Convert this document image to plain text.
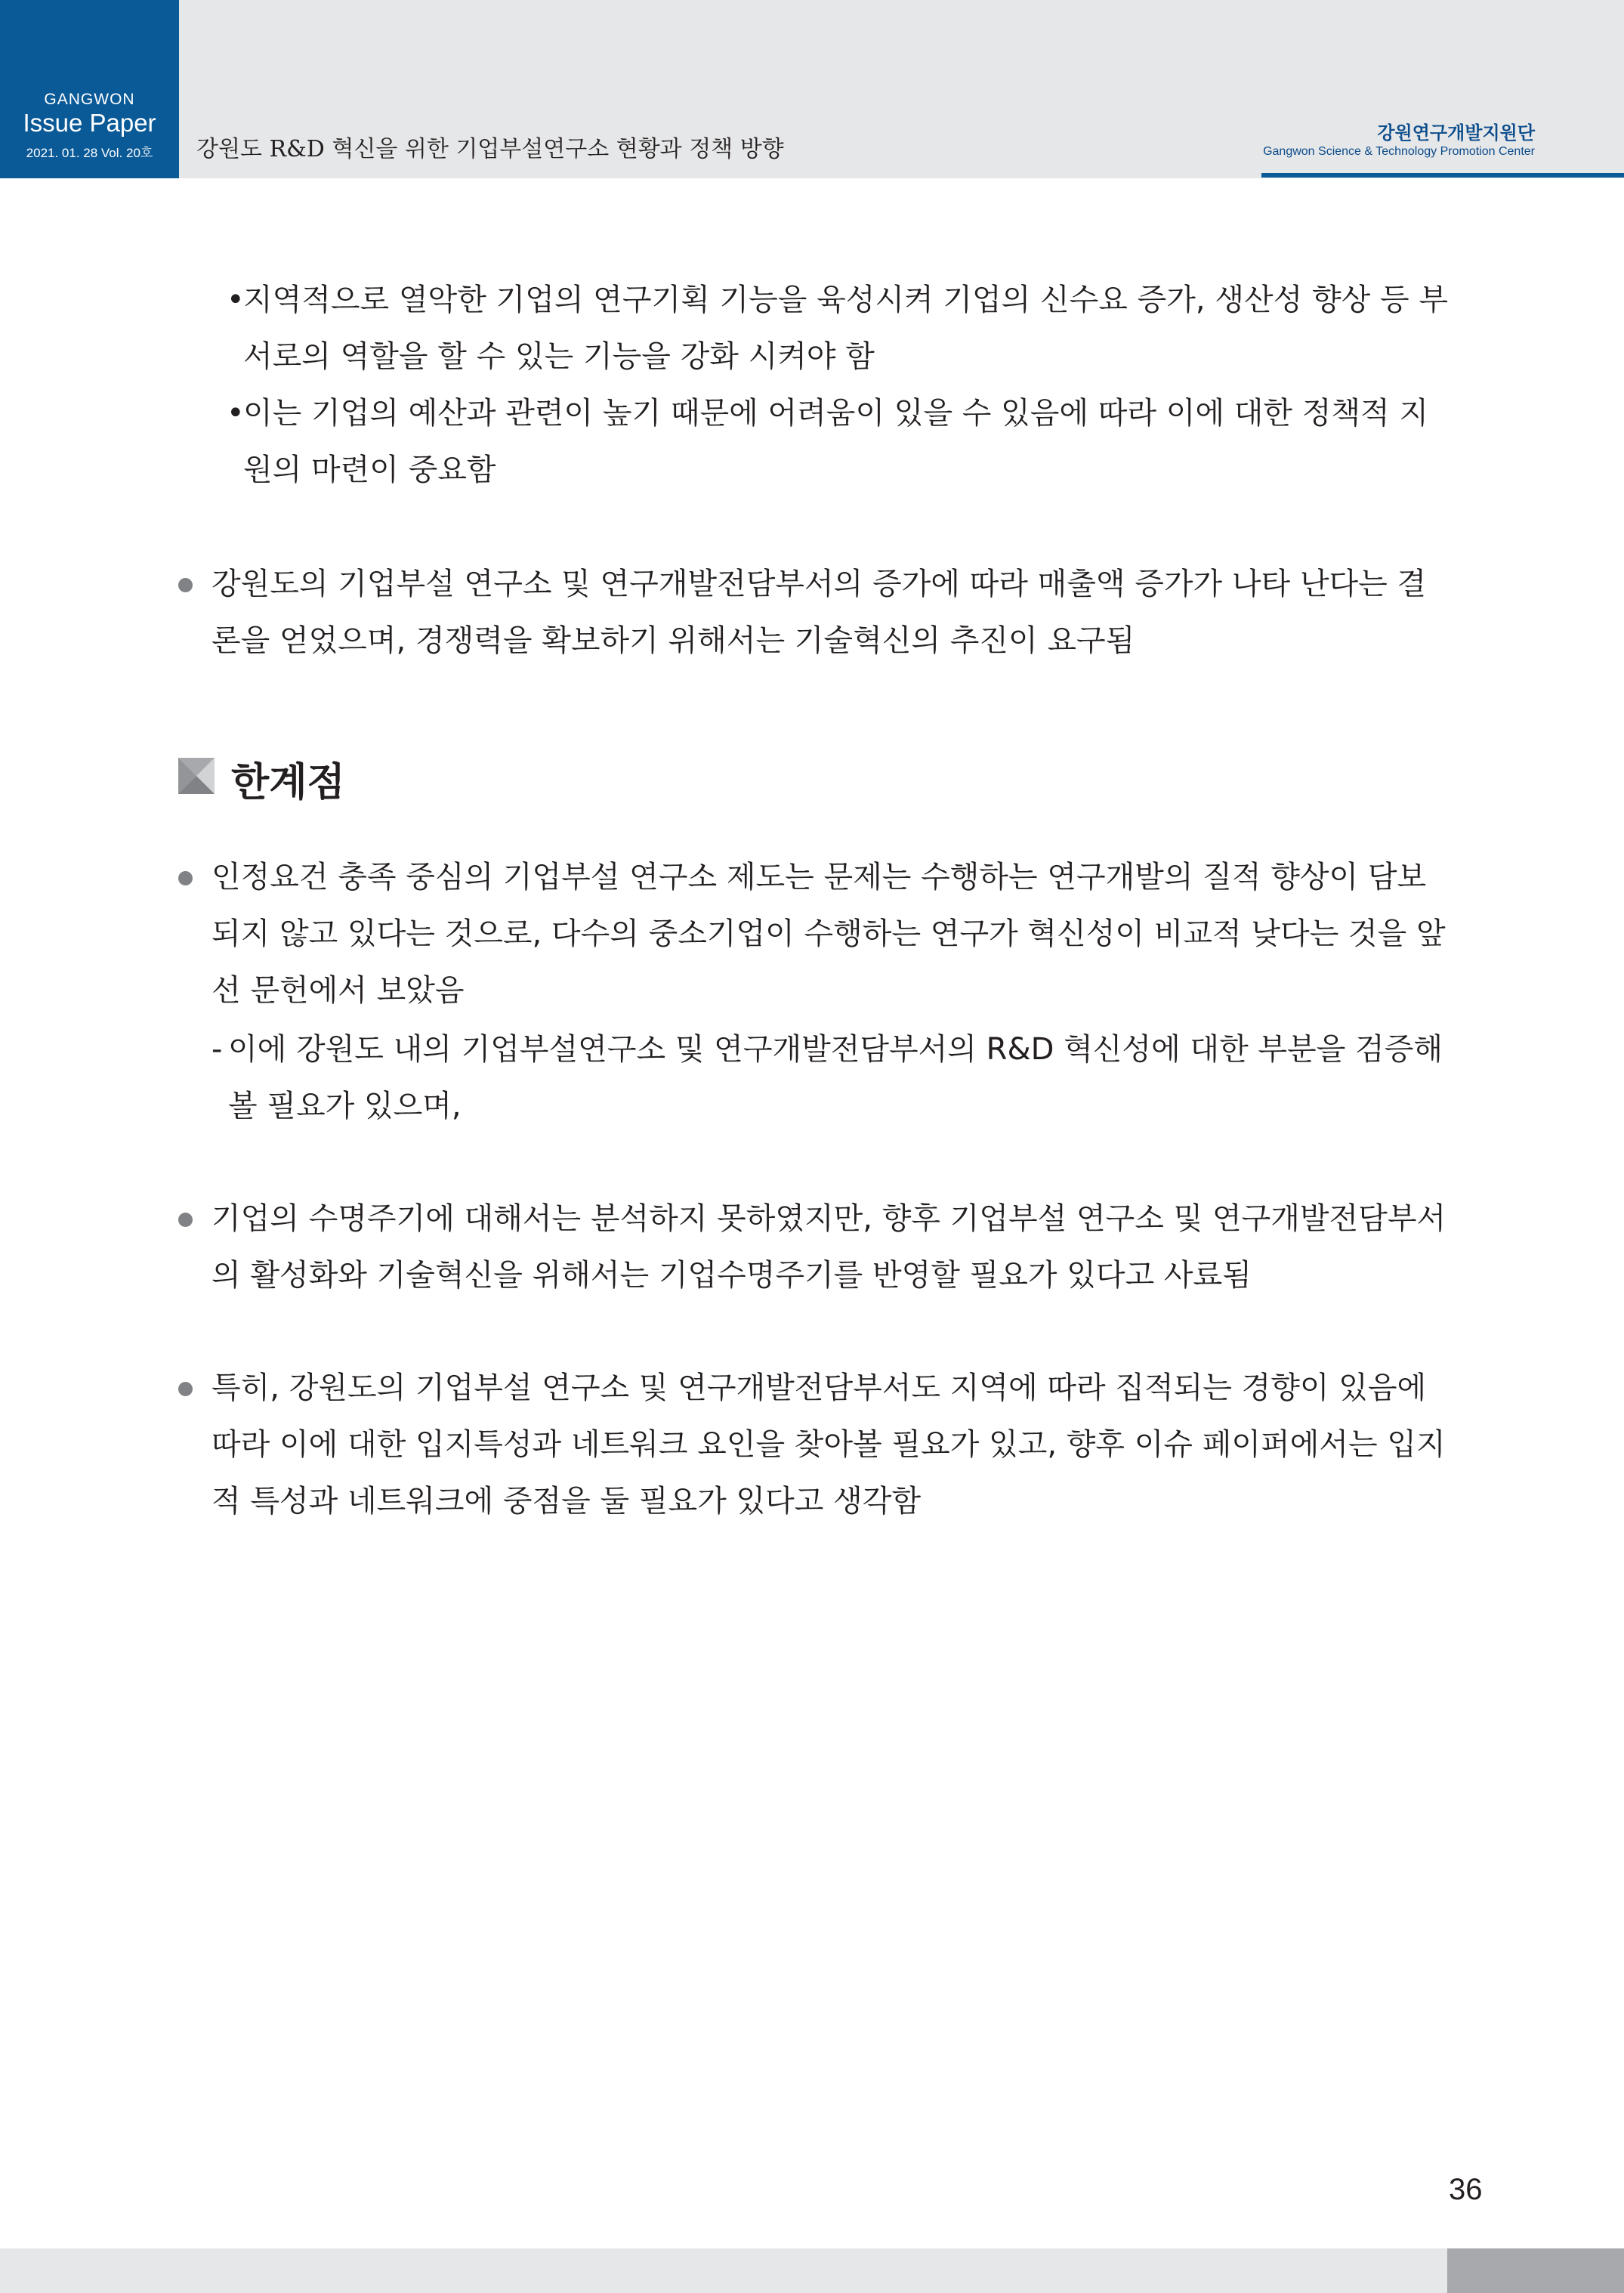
GANGWON
Issue Paper
2021. 01. 28 Vol. 20호	강원도 R&D 혁신을 위한 기업부설연구소 현황과 정책 방향
강원연구개발지원단
Gangwon Science & Technology Promotion Center
•
지역적으로 열악한 기업의 연구기획 기능을 육성시켜 기업의 신수요 증가, 생산성 향상 등 부서로의 역할을 할 수 있는 기능을 강화 시켜야 함
•
이는 기업의 예산과 관련이 높기 때문에 어려움이 있을 수 있음에 따라 이에 대한 정책적 지원의 마련이 중요함
강원도의 기업부설 연구소 및 연구개발전담부서의 증가에 따라 매출액 증가가 나타 난다는 결론을 얻었으며, 경쟁력을 확보하기 위해서는 기술혁신의 추진이 요구됨
한계점
인정요건 충족 중심의 기업부설 연구소 제도는 문제는 수행하는 연구개발의 질적 향상이 담보되지 않고 있다는 것으로, 다수의 중소기업이 수행하는 연구가 혁신성이 비교적 낮다는 것을 앞선 문헌에서 보았음
- 이에 강원도 내의 기업부설연구소 및 연구개발전담부서의 R&D 혁신성에 대한 부분을 검증해 볼 필요가 있으며,
기업의 수명주기에 대해서는 분석하지 못하였지만, 향후 기업부설 연구소 및 연구개발전담부서의 활성화와 기술혁신을 위해서는 기업수명주기를 반영할 필요가 있다고 사료됨
특히, 강원도의 기업부설 연구소 및 연구개발전담부서도 지역에 따라 집적되는 경향이 있음에 따라 이에 대한 입지특성과 네트워크 요인을 찾아볼 필요가 있고, 향후 이슈 페이퍼에서는 입지적 특성과 네트워크에 중점을 둘 필요가 있다고 생각함
36
